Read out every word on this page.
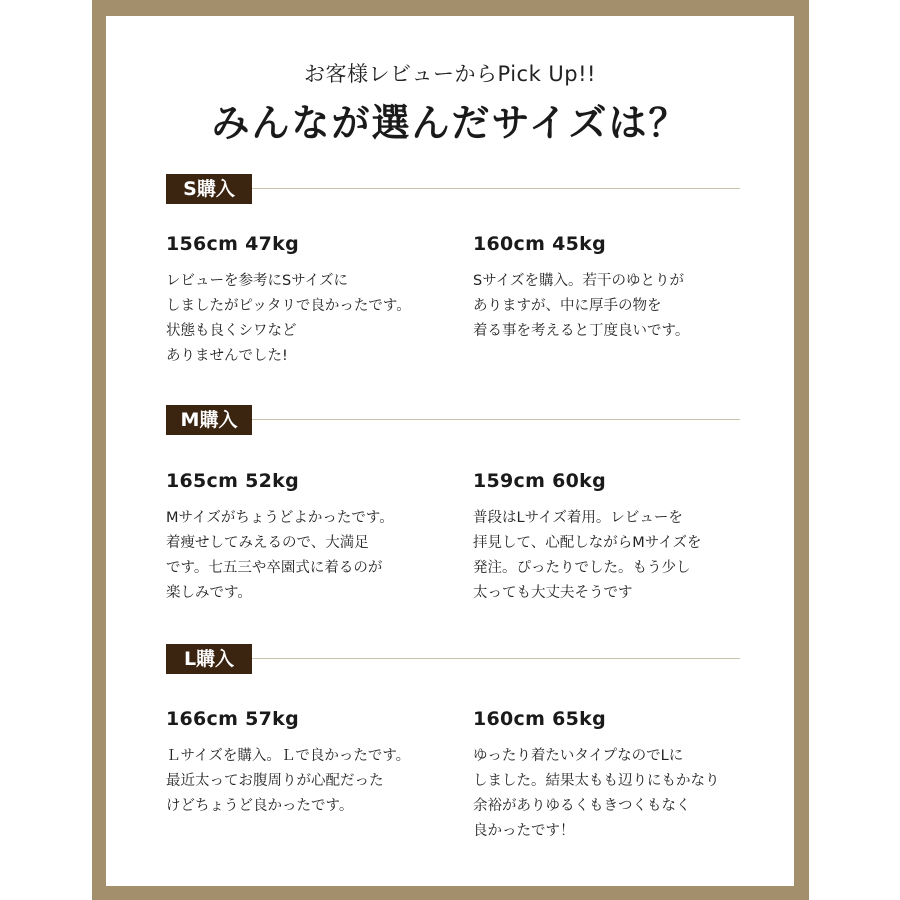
お客様レビューからPick Up!!
みんなが選んだサイズは？
S購入
156cm 47kg
レビューを参考にSサイズに
しましたがピッタリで良かったです。
状態も良くシワなど
ありませんでした!
160cm 45kg
Sサイズを購入。若干のゆとりが
ありますが、中に厚手の物を
着る事を考えると丁度良いです。
M購入
165cm 52kg
Mサイズがちょうどよかったです。
着痩せしてみえるので、大満足
です。七五三や卒園式に着るのが
楽しみです。
159cm 60kg
普段はLサイズ着用。レビューを
拝見して、心配しながらMサイズを
発注。ぴったりでした。もう少し
太っても大丈夫そうです
L購入
166cm 57kg
Ｌサイズを購入。Ｌで良かったです。
最近太ってお腹周りが心配だった
けどちょうど良かったです。
160cm 65kg
ゆったり着たいタイプなのでLに
しました。結果太もも辺りにもかなり
余裕がありゆるくもきつくもなく
良かったです！
